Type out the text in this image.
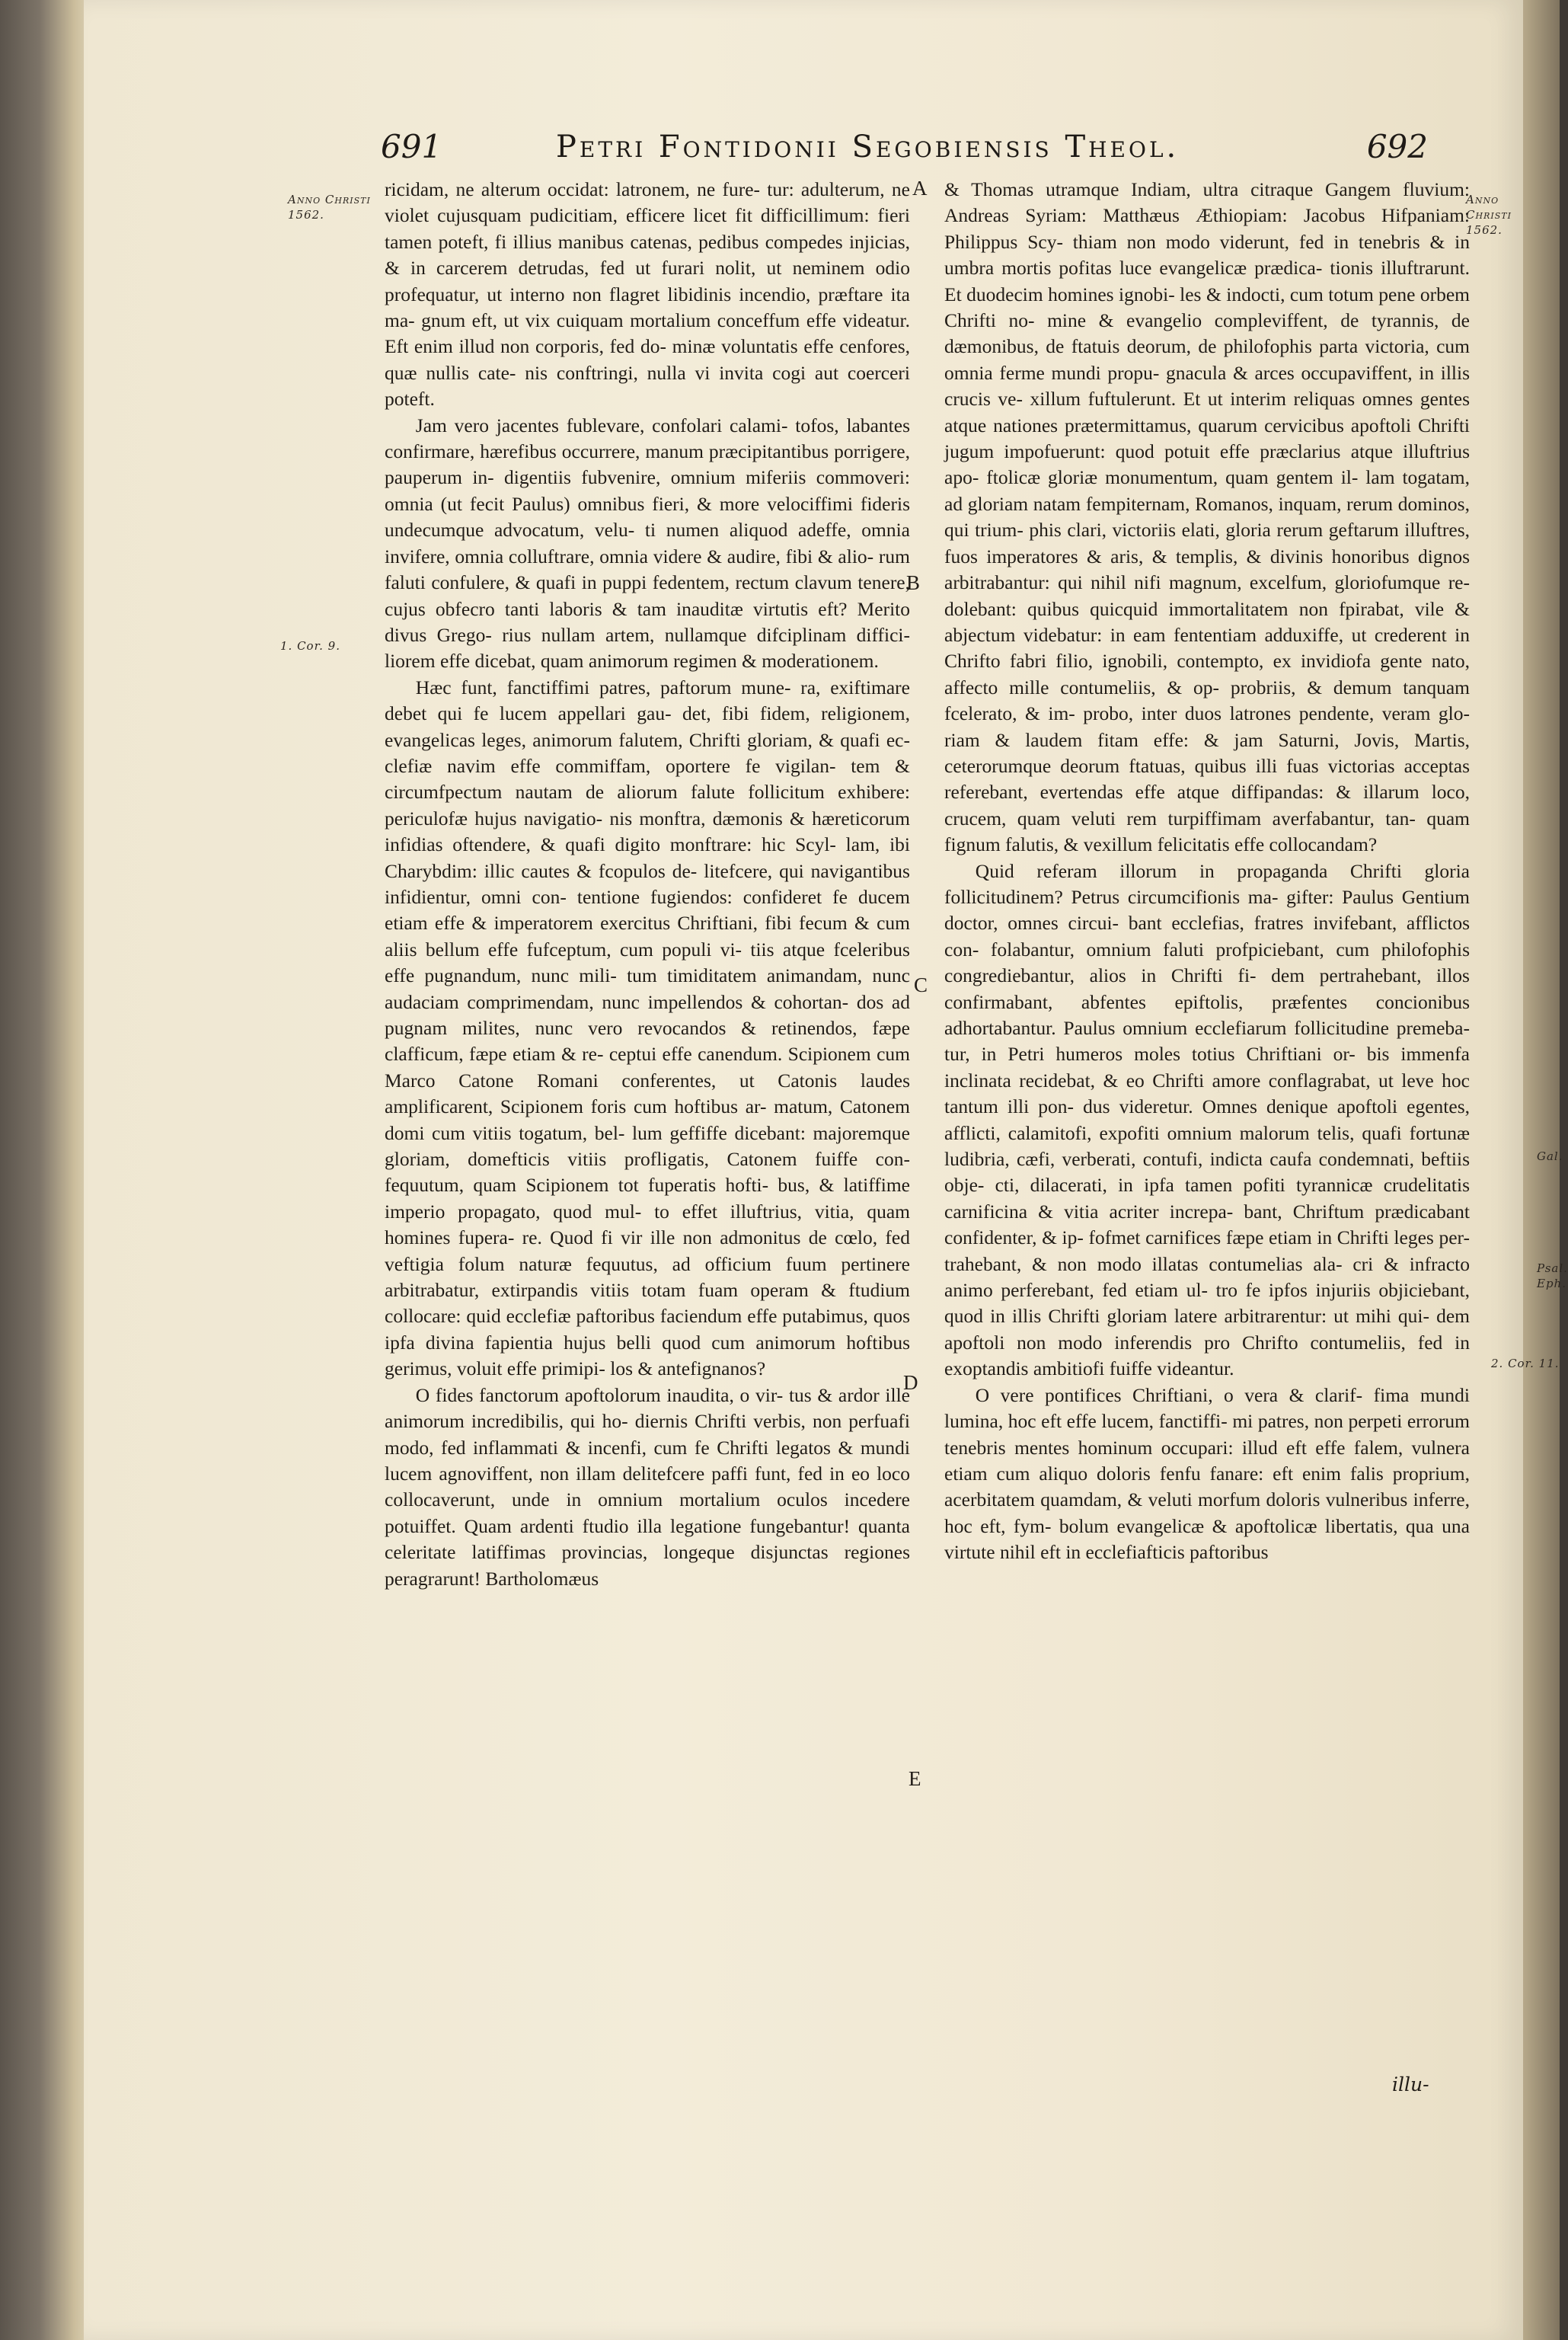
691	Petri Fontidonii Segobiensis Theol.	692
Anno Christi 1562.
Anno Christi 1562.
1. Cor. 9.
Gal.
Psal. Eph.
2. Cor. 11.
A
B
C
D
E

ricidam, ne alterum occidat: latronem, ne fure- tur: adulterum, ne violet cujusquam pudicitiam, efficere licet fit difficillimum: fieri tamen poteft, fi illius manibus catenas, pedibus compedes injicias, & in carcerem detrudas, fed ut furari nolit, ut neminem odio profequatur, ut interno non flagret libidinis incendio, præftare ita ma- gnum eft, ut vix cuiquam mortalium conceffum effe videatur. Eft enim illud non corporis, fed do- minæ voluntatis effe cenfores, quæ nullis cate- nis conftringi, nulla vi invita cogi aut coerceri poteft.

Jam vero jacentes fublevare, confolari calami- tofos, labantes confirmare, hærefibus occurrere, manum præcipitantibus porrigere, pauperum in- digentiis fubvenire, omnium miferiis commoveri: omnia (ut fecit Paulus) omnibus fieri, & more velociffimi fideris undecumque advocatum, velu- ti numen aliquod adeffe, omnia invifere, omnia colluftrare, omnia videre & audire, fibi & alio- rum faluti confulere, & quafi in puppi fedentem, rectum clavum tenere, cujus obfecro tanti laboris & tam inauditæ virtutis eft? Merito divus Grego- rius nullam artem, nullamque difciplinam diffici- liorem effe dicebat, quam animorum regimen & moderationem.

Hæc funt, fanctiffimi patres, paftorum mune- ra, exiftimare debet qui fe lucem appellari gau- det, fibi fidem, religionem, evangelicas leges, animorum falutem, Chrifti gloriam, & quafi ec- clefiæ navim effe commiffam, oportere fe vigilan- tem & circumfpectum nautam de aliorum falute follicitum exhibere: periculofæ hujus navigatio- nis monftra, dæmonis & hæreticorum infidias oftendere, & quafi digito monftrare: hic Scyl- lam, ibi Charybdim: illic cautes & fcopulos de- litefcere, qui navigantibus infidientur, omni con- tentione fugiendos: confideret fe ducem etiam effe & imperatorem exercitus Chriftiani, fibi fecum & cum aliis bellum effe fufceptum, cum populi vi- tiis atque fceleribus effe pugnandum, nunc mili- tum timiditatem animandam, nunc audaciam comprimendam, nunc impellendos & cohortan- dos ad pugnam milites, nunc vero revocandos & retinendos, fæpe clafficum, fæpe etiam & re- ceptui effe canendum. Scipionem cum Marco Catone Romani conferentes, ut Catonis laudes amplificarent, Scipionem foris cum hoftibus ar- matum, Catonem domi cum vitiis togatum, bel- lum geffiffe dicebant: majoremque gloriam, domefticis vitiis profligatis, Catonem fuiffe con- fequutum, quam Scipionem tot fuperatis hofti- bus, & latiffime imperio propagato, quod mul- to effet illuftrius, vitia, quam homines fupera- re. Quod fi vir ille non admonitus de cœlo, fed veftigia folum naturæ fequutus, ad officium fuum pertinere arbitrabatur, extirpandis vitiis totam fuam operam & ftudium collocare: quid ecclefiæ paftoribus faciendum effe putabimus, quos ipfa divina fapientia hujus belli quod cum animorum hoftibus gerimus, voluit effe primipi- los & antefignanos?

O fides fanctorum apoftolorum inaudita, o vir- tus & ardor ille animorum incredibilis, qui ho- diernis Chrifti verbis, non perfuafi modo, fed inflammati & incenfi, cum fe Chrifti legatos & mundi lucem agnoviffent, non illam delitefcere paffi funt, fed in eo loco collocaverunt, unde in omnium mortalium oculos incedere potuiffet. Quam ardenti ftudio illa legatione fungebantur! quanta celeritate latiffimas provincias, longeque disjunctas regiones peragrarunt! Bartholomæus

& Thomas utramque Indiam, ultra citraque Gangem fluvium: Andreas Syriam: Matthæus Æthiopiam: Jacobus Hifpaniam: Philippus Scy- thiam non modo viderunt, fed in tenebris & in umbra mortis pofitas luce evangelicæ prædica- tionis illuftrarunt. Et duodecim homines ignobi- les & indocti, cum totum pene orbem Chrifti no- mine & evangelio compleviffent, de tyrannis, de dæmonibus, de ftatuis deorum, de philofophis parta victoria, cum omnia ferme mundi propu- gnacula & arces occupaviffent, in illis crucis ve- xillum fuftulerunt. Et ut interim reliquas omnes gentes atque nationes prætermittamus, quarum cervicibus apoftoli Chrifti jugum impofuerunt: quod potuit effe præclarius atque illuftrius apo- ftolicæ gloriæ monumentum, quam gentem il- lam togatam, ad gloriam natam fempiternam, Romanos, inquam, rerum dominos, qui trium- phis clari, victoriis elati, gloria rerum geftarum illuftres, fuos imperatores & aris, & templis, & divinis honoribus dignos arbitrabantur: qui nihil nifi magnum, excelfum, gloriofumque re- dolebant: quibus quicquid immortalitatem non fpirabat, vile & abjectum videbatur: in eam fententiam adduxiffe, ut crederent in Chrifto fabri filio, ignobili, contempto, ex invidiofa gente nato, affecto mille contumeliis, & op- probriis, & demum tanquam fcelerato, & im- probo, inter duos latrones pendente, veram glo- riam & laudem fitam effe: & jam Saturni, Jovis, Martis, ceterorumque deorum ftatuas, quibus illi fuas victorias acceptas referebant, evertendas effe atque diffipandas: & illarum loco, crucem, quam veluti rem turpiffimam averfabantur, tan- quam fignum falutis, & vexillum felicitatis effe collocandam?

Quid referam illorum in propaganda Chrifti gloria follicitudinem? Petrus circumcifionis ma- gifter: Paulus Gentium doctor, omnes circui- bant ecclefias, fratres invifebant, afflictos con- folabantur, omnium faluti profpiciebant, cum philofophis congrediebantur, alios in Chrifti fi- dem pertrahebant, illos confirmabant, abfentes epiftolis, præfentes concionibus adhortabantur. Paulus omnium ecclefiarum follicitudine premeba- tur, in Petri humeros moles totius Chriftiani or- bis immenfa inclinata recidebat, & eo Chrifti amore conflagrabat, ut leve hoc tantum illi pon- dus videretur. Omnes denique apoftoli egentes, afflicti, calamitofi, expofiti omnium malorum telis, quafi fortunæ ludibria, cæfi, verberati, contufi, indicta caufa condemnati, beftiis obje- cti, dilacerati, in ipfa tamen pofiti tyrannicæ crudelitatis carnificina & vitia acriter increpa- bant, Chriftum prædicabant confidenter, & ip- fofmet carnifices fæpe etiam in Chrifti leges per- trahebant, & non modo illatas contumelias ala- cri & infracto animo perferebant, fed etiam ul- tro fe ipfos injuriis objiciebant, quod in illis Chrifti gloriam latere arbitrarentur: ut mihi qui- dem apoftoli non modo inferendis pro Chrifto contumeliis, fed in exoptandis ambitiofi fuiffe videantur.

O vere pontifices Chriftiani, o vera & clarif- fima mundi lumina, hoc eft effe lucem, fanctiffi- mi patres, non perpeti errorum tenebris mentes hominum occupari: illud eft effe falem, vulnera etiam cum aliquo doloris fenfu fanare: eft enim falis proprium, acerbitatem quamdam, & veluti morfum doloris vulneribus inferre, hoc eft, fym- bolum evangelicæ & apoftolicæ libertatis, qua una virtute nihil eft in ecclefiafticis paftoribus

illu-
